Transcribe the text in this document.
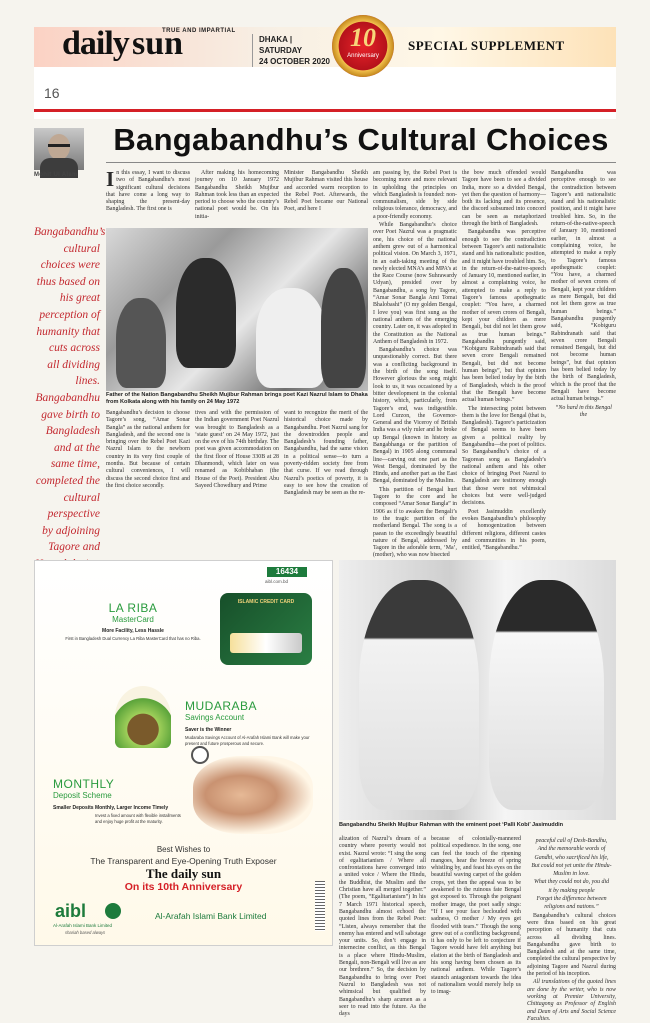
daily sun
TRUE AND IMPARTIAL
DHAKA | SATURDAY
24 OCTOBER 2020
10
Anniversary
SPECIAL SUPPLEMENT
16
Mohit Ul Alam
Bangabandhu’s Cultural Choices
Bangabandhu’s cultural choices were thus based on his great perception of humanity that cuts across all dividing lines. Bangabandhu gave birth to Bangladesh and at the same time, completed the cultural perspective by adjoining Tagore and

In this essay, I want to discuss two of Bangabandhu’s most significant cultural decisions that have come a long way to shaping the present-day Bangladesh. The first one is

After making his homecoming journey on 10 January 1972 Bangabandhu Sheikh Mujibur Rahman took less than an expected period to choose who the country’s national poet would be. On his initia-

Minister Bangabandhu Sheikh Mujibur Rahman visited this house and accorded warm reception to the Rebel Poet. Afterwards, the Rebel Poet became our National Poet, and here I

am passing by, the Rebel Poet is becoming more and more relevant in upholding the principles on which Bangladesh is founded: non-communalism, side by side religious tolerance, democracy, and a poor-friendly economy.

While Bangabandhu’s choice over Poet Nazrul was a pragmatic one, his choice of the national anthem grew out of a harmonical political vision. On March 3, 1971, in an oath-taking meeting of the newly elected MNA’s and MPA’s at the Race Course (now Suhrawardy Udyan), presided over by Bangabandhu, a song by Tagore, “Amar Sonar Bangla Ami Tomai Bhalobashi” (O my golden Bengal, I love you) was first sung as the national anthem of the emerging country. Later on, it was adopted in the Constitution as the National Anthem of Bangladesh in 1972.

Bangabandhu’s choice was unquestionably correct. But there was a conflicting background in the birth of the song itself. However glorious the song might look to us, it was occasioned by a bitter development in the colonial history, which, particularly, from Tagore’s end, was indigestible. Lord Curzon, the Governor-General and the Viceroy of British India was a wily ruler and he broke up Bengal (known in history as Bangabhanga or the partition of Bengal) in 1905 along communal line—carving out one part as the West Bengal, dominated by the Hindu, and another part as the East Bengal, dominated by the Muslim.

This partition of Bengal hurt Tagore to the core and he composed “Amar Sonar Bangla” in 1906 as if to awaken the Bengali’s to the tragic partition of the motherland Bengal. The song is a paean to the exceedingly beautiful nature of Bengal, addressed by Tagore in the adorable term, ‘Ma’, (mother), who was now bisected

the bow much offended would Tagore have been to see a divided India, more so a divided Bengal, yet then the question of harmony—both its lacking and its presence, the discord subsumed into concord can be seen as metaphorized through the birth of Bangladesh.

Bangabandhu was perceptive enough to see the contradiction between Tagore’s anti nationalistic stand and his nationalistic position, and it might have troubled him. So, in the return-of-the-native-speech of January 10, mentioned earlier, in almost a complaining voice, he attempted to make a reply to Tagore’s famous apothegmatic couplet: “You have, a charmed mother of seven crores of Bengali, kept your children as mere Bengali, but did not let them grow as true human beings.” Bangabandhu pungently said, “Kobiguru Rabindranath said that seven crore Bengali remained Bengali, but did not become human beings”, but that opinion has been belied today by the birth of Bangladesh, which is the proof that the Bengali have become actual human beings.”

The intersecting point between them is the love for Bengal (that is, Bangladesh). Tagore’s particization of Bengal seems to have been given a political reality by Bangabandhu—the poet of politics. So Bangabandhu’s choice of a Tagorean song as Bangladesh’s national anthem and his other choice of bringing Poet Nazrul to Bangladesh are testimony enough that those were not whimsical choices but were well-judged decisions.

Poet Jasimuddin excellently evokes Bangabandhu’s philosophy of homogenization between different religions, different castes and communities in his poem, entitled, “Bangabandhu.”

Bangabandhu was perceptive enough to see the contradiction between Tagore’s anti nationalistic stand and his nationalistic position, and it might have troubled him. So, in the return-of-the-native-speech of January 10, mentioned earlier, in almost a complaining voice, he attempted to make a reply to Tagore’s famous apothegmatic couplet: “You have, a charmed mother of seven crores of Bengali, kept your children as mere Bengali, but did not let them grow as true human beings.” Bangabandhu pungently said, “Kobiguru Rabindranath said that seven crore Bengali remained Bengali, but did not become human beings”, but that opinion has been belied today by the birth of Bangladesh, which is the proof that the Bengali have become actual human beings.”

“No hard in this Bengal the

Father of the Nation Bangabandhu Sheikh Mujibur Rahman brings poet Kazi Nazrul Islam to Dhaka from Kolkata along with his family on 24 May 1972

Bangabandhu’s decision to choose Tagore’s song, “Amar Sonar Bangla” as the national anthem for Bangladesh, and the second one is bringing over the Rebel Poet Kazi Nazrul Islam to the newborn country in its very first couple of months. But because of certain cultural conveniences, I will discuss the second choice first and the first choice secondly.

tives and with the permission of the Indian government Poet Nazrul was brought to Bangladesh as a ‘state guest’ on 24 May 1972, just on the eve of his 74th birthday. The poet was given accommodation on the first floor of House 330B at 28 Dhanmondi, which later on was renamed as Kobibhaban (the House of the Poet). President Abu Sayeed Chowdhury and Prime

want to recognize the merit of the historical choice made by Bangabandhu. Poet Nazrul sang for the downtrodden people and Bangladesh’s founding father, Bangabandhu, had the same vision in a political sense—to turn a poverty-ridden society free from that curse. If we read through Nazrul’s poetics of poverty, it is easy to see how the creation of Bangladesh may be seen as the re-

16434
aibl.com.bd
LA RIBA
MasterCard
More Facility, Less Hassle
First in Bangladesh Dual Currency La Riba MasterCard that has no Riba.
ISLAMIC CREDIT CARD
MUDARABA
Savings Account
Saver is the Winner
Mudaraba Savings Account of Al-Arafah Islami Bank will make your present and future prosperous and secure.
MONTHLY
Deposit Scheme
Smaller Deposits Monthly, Larger Income Timely
Invest a fixed amount with flexible installments and enjoy huge profit at the maturity.
Best Wishes to
The Transparent and Eye-Opening Truth Exposer
The daily sun
On its 10th Anniversary
aibl
Al-Arafah Islami Bank Limited
shariah based always
Al-Arafah Islami Bank Limited
Bangabandhu Sheikh Mujibur Rahman with the eminent poet ‘Palli Kobi’ Jasimuddin

alization of Nazrul’s dream of a country where poverty would not exist. Nazrul wrote: “I sing the song of egalitarianism / Where all confrontations have converged into a united voice / Where the Hindu, the Buddhist, the Muslim and the Christian have all merged together.” (The poem, “Egalitarianism”) In his 7 March 1971 historical speech, Bangabandhu almost echoed the quoted lines from the Rebel Poet: “Listen, always remember that the enemy has entered and will sabotage your units. So, don’t engage in internecine conflict, as this Bengal is a place where Hindu-Muslim, Bengali, non-Bengali will live as are our brethren.” So, the decision by Bangabandhu to bring over Poet Nazrul to Bangladesh was not whimsical but qualified by Bangabandhu’s sharp acumen as a seer to read into the future. As the days

because of colonially-mannered political expedience. In the song, one can feel the touch of the ripening mangoes, hear the breeze of spring whistling by, and feast his eyes on the beautiful waving carpet of the golden crops, yet then the appeal was to be awakened to the ruinous fate Bengal got exposed to. Through the poignant mother image, the poet sadly sings: “If I see your face beclouded with sadness, O mother / My eyes get flooded with tears.” Though the song grew out of a conflicting background, it has only to be left to conjecture if Tagore would have felt anything but elation at the birth of Bangladesh and his song having been chosen as its national anthem. While Tagore’s staunch antagonism towards the idea of nationalism would merely help us to imag-

peaceful call of Desh-Bandhu,

And the memorable words of

Gandhi, who sacrificed his life,

But could not yet unite the Hindu-

Muslim in love.

What they could not do, you did

it by making people

Forget the difference between

religions and nations.”

Bangabandhu’s cultural choices were thus based on his great perception of humanity that cuts across all dividing lines. Bangabandhu gave birth to Bangladesh and at the same time, completed the cultural perspective by adjoining Tagore and Nazrul during the period of his inception.

All translations of the quoted lines are done by the writer, who is now working at Premier University, Chittagong as Professor of English and Dean of Arts and Social Science Faculties.
